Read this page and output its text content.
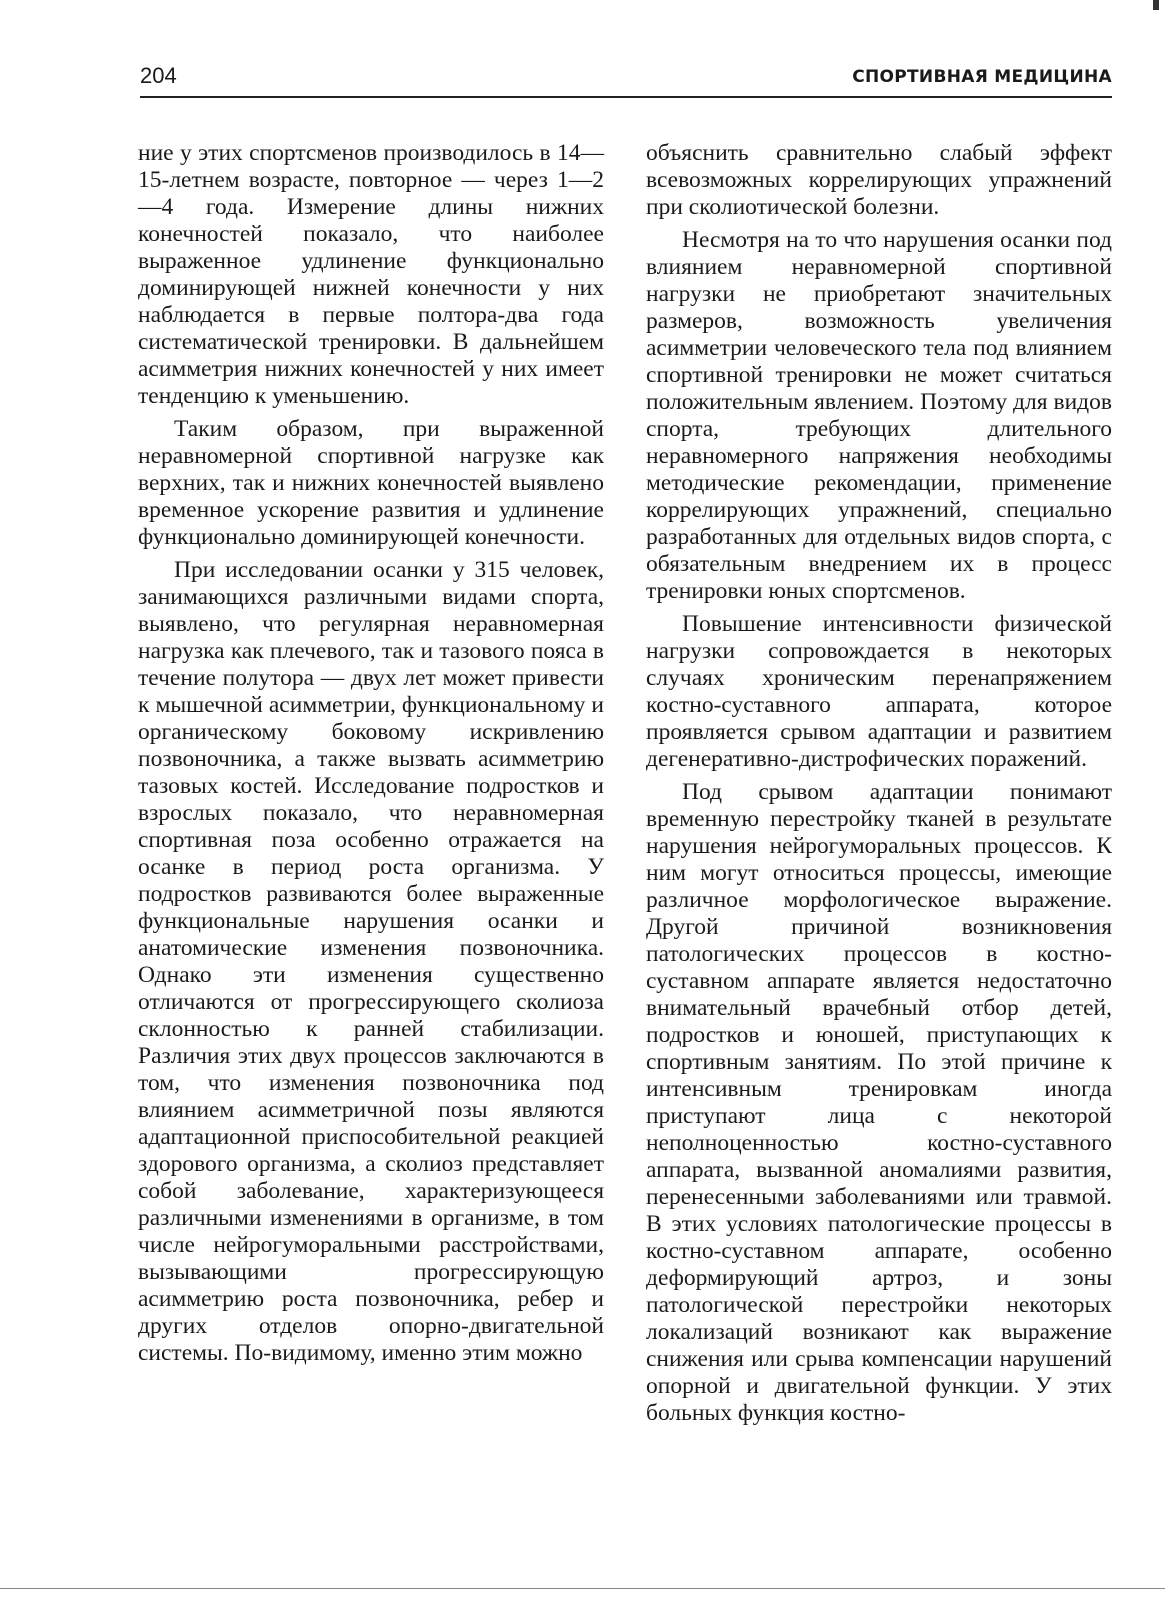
204	СПОРТИВНАЯ МЕДИЦИНА

ние у этих спортсменов производилось в 14—15-летнем возрасте, повторное — через 1—2—4 года. Измерение длины нижних конечностей показало, что наиболее выраженное удлинение функционально доминирующей нижней конечности у них наблюдается в первые полтора-два года систематической тренировки. В дальнейшем асимметрия нижних конечностей у них имеет тенденцию к уменьшению.

Таким образом, при выраженной неравномерной спортивной нагрузке как верхних, так и нижних конечностей выявлено временное ускорение развития и удлинение функционально доминирующей конечности.

При исследовании осанки у 315 человек, занимающихся различными видами спорта, выявлено, что регулярная неравномерная нагрузка как плечевого, так и тазового пояса в течение полутора — двух лет может привести к мышечной асимметрии, функциональному и органическому боковому искривлению позвоночника, а также вызвать асимметрию тазовых костей. Исследование подростков и взрослых показало, что неравномерная спортивная поза особенно отражается на осанке в период роста организма. У подростков развиваются более выраженные функциональные нарушения осанки и анатомические изменения позвоночника. Однако эти изменения существенно отличаются от прогрессирующего сколиоза склонностью к ранней стабилизации. Различия этих двух процессов заключаются в том, что изменения позвоночника под влиянием асимметричной позы являются адаптационной приспособительной реакцией здорового организма, а сколиоз представляет собой заболевание, характеризующееся различными изменениями в организме, в том числе нейрогуморальными расстройствами, вызывающими прогрессирующую асимметрию роста позвоночника, ребер и других отделов опорно-двигательной системы. По-видимому, именно этим можно

объяснить сравнительно слабый эффект всевозможных коррелирующих упражнений при сколиотической болезни.

Несмотря на то что нарушения осанки под влиянием неравномерной спортивной нагрузки не приобретают значительных размеров, возможность увеличения асимметрии человеческого тела под влиянием спортивной тренировки не может считаться положительным явлением. Поэтому для видов спорта, требующих длительного неравномерного напряжения необходимы методические рекомендации, применение коррелирующих упражнений, специально разработанных для отдельных видов спорта, с обязательным внедрением их в процесс тренировки юных спортсменов.

Повышение интенсивности физической нагрузки сопровождается в некоторых случаях хроническим перенапряжением костно-суставного аппарата, которое проявляется срывом адаптации и развитием дегенеративно-дистрофических поражений.

Под срывом адаптации понимают временную перестройку тканей в результате нарушения нейрогуморальных процессов. К ним могут относиться процессы, имеющие различное морфологическое выражение. Другой причиной возникновения патологических процессов в костно-суставном аппарате является недостаточно внимательный врачебный отбор детей, подростков и юношей, приступающих к спортивным занятиям. По этой причине к интенсивным тренировкам иногда приступают лица с некоторой неполноценностью костно-суставного аппарата, вызванной аномалиями развития, перенесенными заболеваниями или травмой. В этих условиях патологические процессы в костно-суставном аппарате, особенно деформирующий артроз, и зоны патологической перестройки некоторых локализаций возникают как выражение снижения или срыва компенсации нарушений опорной и двигательной функции. У этих больных функция костно-
